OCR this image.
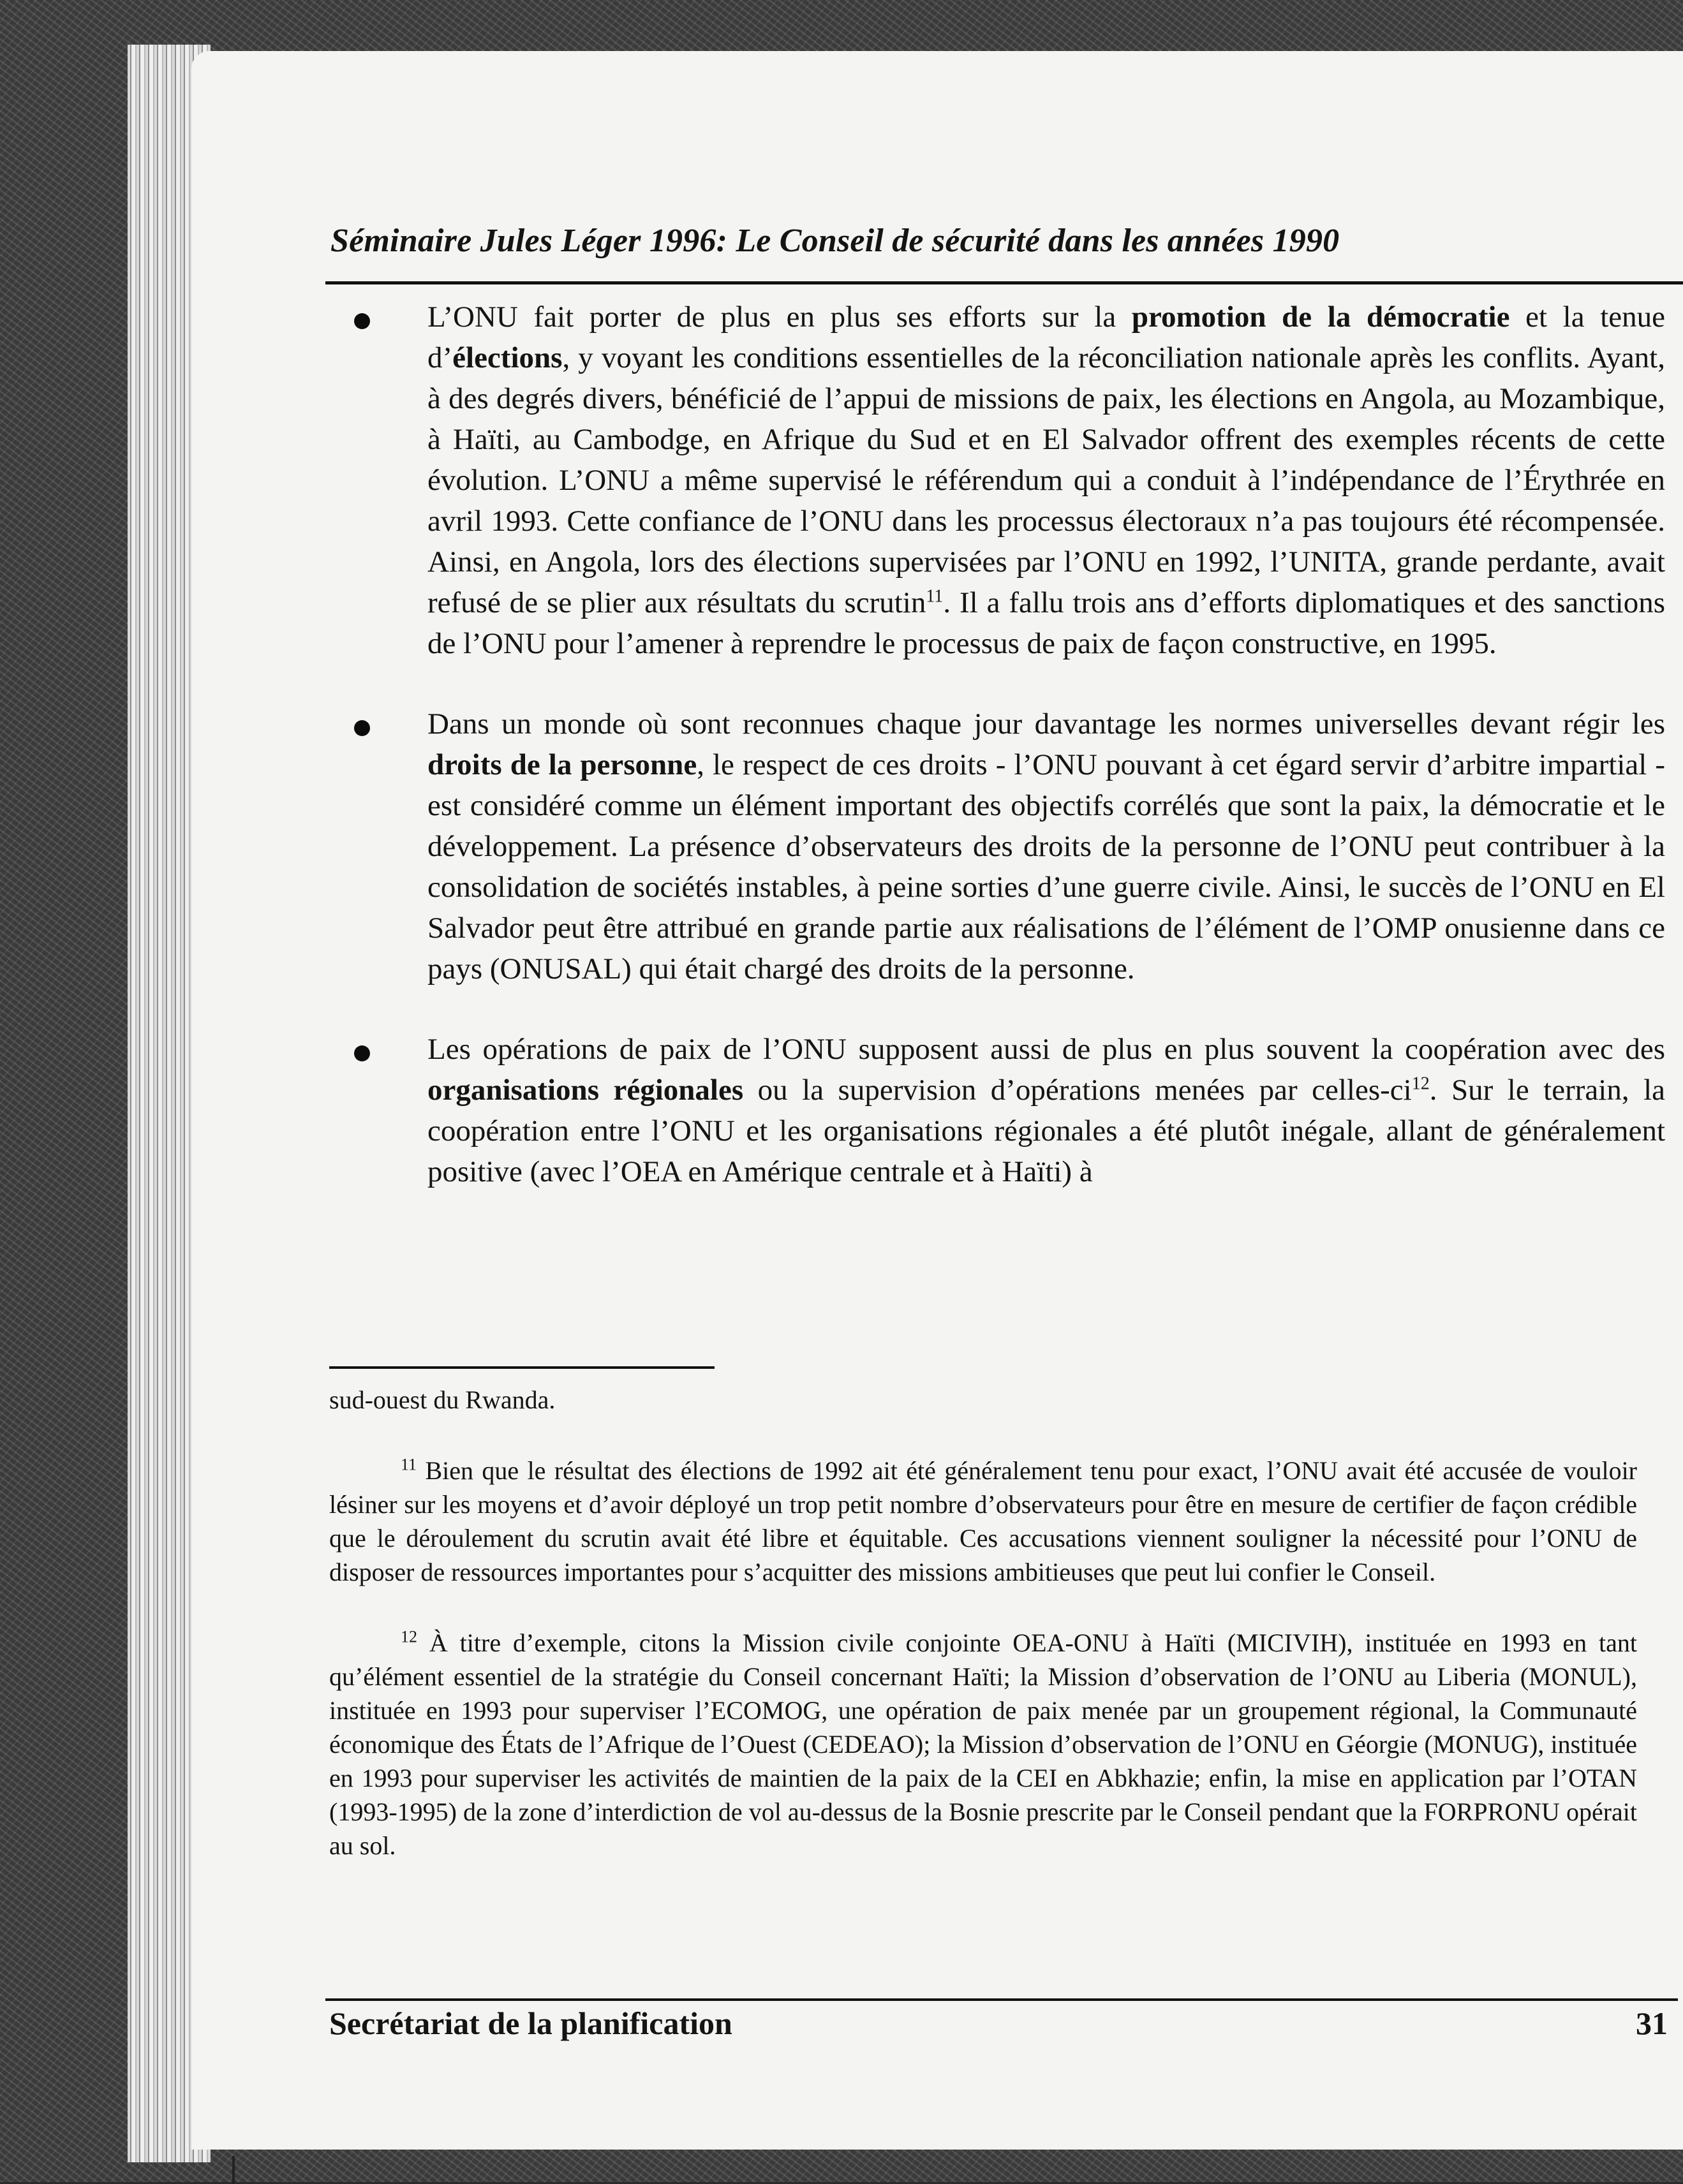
Séminaire Jules Léger 1996: Le Conseil de sécurité dans les années 1990
L’ONU fait porter de plus en plus ses efforts sur la promotion de la démocratie et la tenue d’élections, y voyant les conditions essentielles de la réconciliation nationale après les conflits. Ayant, à des degrés divers, bénéficié de l’appui de missions de paix, les élections en Angola, au Mozambique, à Haïti, au Cambodge, en Afrique du Sud et en El Salvador offrent des exemples récents de cette évolution. L’ONU a même supervisé le référendum qui a conduit à l’indépendance de l’Érythrée en avril 1993. Cette confiance de l’ONU dans les processus électoraux n’a pas toujours été récompensée. Ainsi, en Angola, lors des élections supervisées par l’ONU en 1992, l’UNITA, grande perdante, avait refusé de se plier aux résultats du scrutin$^{11}$. Il a fallu trois ans d’efforts diplomatiques et des sanctions de l’ONU pour l’amener à reprendre le processus de paix de façon constructive, en 1995.
Dans un monde où sont reconnues chaque jour davantage les normes universelles devant régir les droits de la personne, le respect de ces droits - l’ONU pouvant à cet égard servir d’arbitre impartial - est considéré comme un élément important des objectifs corrélés que sont la paix, la démocratie et le développement. La présence d’observateurs des droits de la personne de l’ONU peut contribuer à la consolidation de sociétés instables, à peine sorties d’une guerre civile. Ainsi, le succès de l’ONU en El Salvador peut être attribué en grande partie aux réalisations de l’élément de l’OMP onusienne dans ce pays (ONUSAL) qui était chargé des droits de la personne.
Les opérations de paix de l’ONU supposent aussi de plus en plus souvent la coopération avec des organisations régionales ou la supervision d’opérations menées par celles-$ci^{12}$. Sur le terrain, la coopération entre l’ONU et les organisations régionales a été plutôt inégale, allant de généralement positive (avec l’OEA en Amérique centrale et à Haïti) à

sud-ouest du Rwanda.

$^{11}$ Bien que le résultat des élections de 1992 ait été généralement tenu pour exact, l’ONU avait été accusée de vouloir lésiner sur les moyens et d’avoir déployé un trop petit nombre d’observateurs pour être en mesure de certifier de façon crédible que le déroulement du scrutin avait été libre et équitable. Ces accusations viennent souligner la nécessité pour l’ONU de disposer de ressources importantes pour s’acquitter des missions ambitieuses que peut lui confier le Conseil.

$^{12}$ À titre d’exemple, citons la Mission civile conjointe OEA-ONU à Haïti (MICIVIH), instituée en 1993 en tant qu’élément essentiel de la stratégie du Conseil concernant Haïti; la Mission d’observation de l’ONU au Liberia (MONUL), instituée en 1993 pour superviser l’ECOMOG, une opération de paix menée par un groupement régional, la Communauté économique des États de l’Afrique de l’Ouest (CEDEAO); la Mission d’observation de l’ONU en Géorgie (MONUG), instituée en 1993 pour superviser les activités de maintien de la paix de la CEI en Abkhazie; enfin, la mise en application par l’OTAN (1993-1995) de la zone d’interdiction de vol au-dessus de la Bosnie prescrite par le Conseil pendant que la FORPRONU opérait au sol.

Secrétariat de la planification	31
